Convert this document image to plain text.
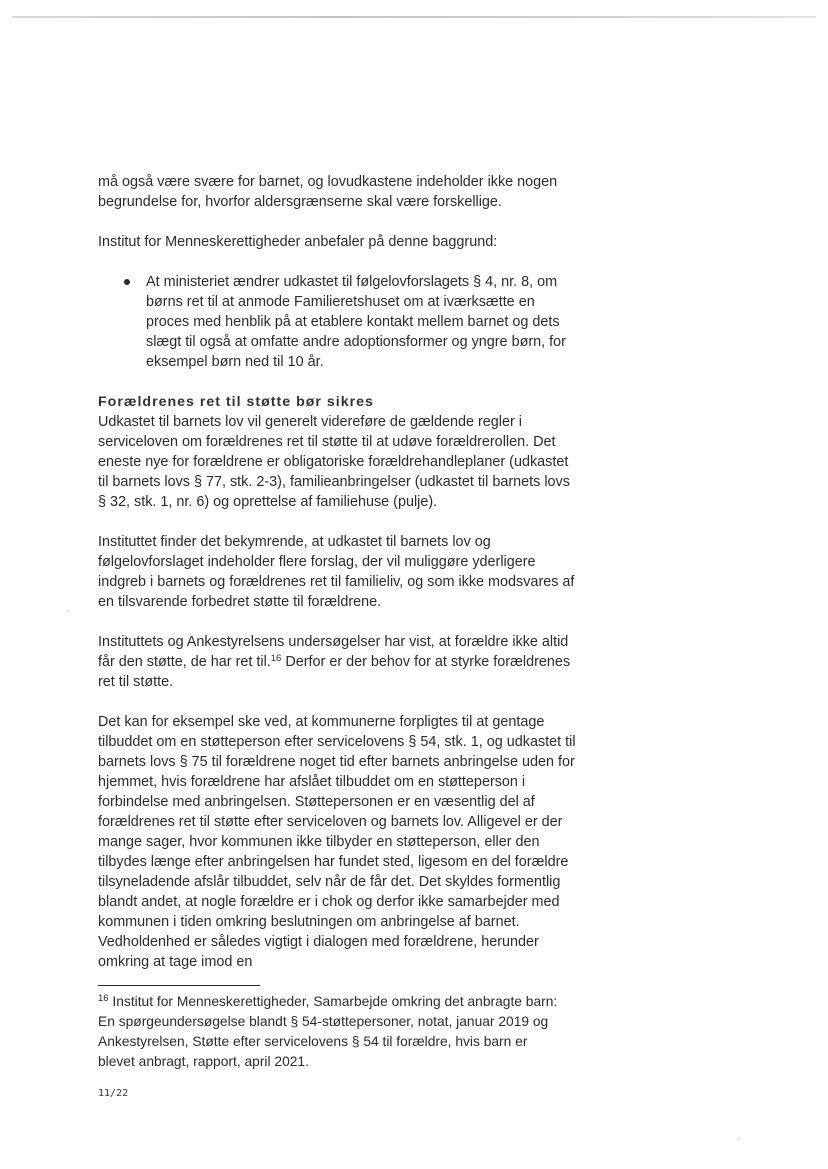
må også være svære for barnet, og lovudkastene indeholder ikke nogen begrundelse for, hvorfor aldersgrænserne skal være forskellige.

Institut for Menneskerettigheder anbefaler på denne baggrund:

At ministeriet ændrer udkastet til følgelovforslagets § 4, nr. 8, om børns ret til at anmode Familieretshuset om at iværksætte en proces med henblik på at etablere kontakt mellem barnet og dets slægt til også at omfatte andre adoptionsformer og yngre børn, for eksempel børn ned til 10 år.
Forældrenes ret til støtte bør sikres

Udkastet til barnets lov vil generelt videreføre de gældende regler i serviceloven om forældrenes ret til støtte til at udøve forældrerollen. Det eneste nye for forældrene er obligatoriske forældrehandleplaner (udkastet til barnets lovs § 77, stk. 2-3), familieanbringelser (udkastet til barnets lovs § 32, stk. 1, nr. 6) og oprettelse af familiehuse (pulje).

Instituttet finder det bekymrende, at udkastet til barnets lov og følgelovforslaget indeholder flere forslag, der vil muliggøre yderligere indgreb i barnets og forældrenes ret til familieliv, og som ikke modsvares af en tilsvarende forbedret støtte til forældrene.

Instituttets og Ankestyrelsens undersøgelser har vist, at forældre ikke altid får den støtte, de har ret til.$^{16}$ Derfor er der behov for at styrke forældrenes ret til støtte.

Det kan for eksempel ske ved, at kommunerne forpligtes til at gentage tilbuddet om en støtteperson efter servicelovens § 54, stk. 1, og udkastet til barnets lovs § 75 til forældrene noget tid efter barnets anbringelse uden for hjemmet, hvis forældrene har afslået tilbuddet om en støtteperson i forbindelse med anbringelsen. Støttepersonen er en væsentlig del af forældrenes ret til støtte efter serviceloven og barnets lov. Alligevel er der mange sager, hvor kommunen ikke tilbyder en støtteperson, eller den tilbydes længe efter anbringelsen har fundet sted, ligesom en del forældre tilsyneladende afslår tilbuddet, selv når de får det. Det skyldes formentlig blandt andet, at nogle forældre er i chok og derfor ikke samarbejder med kommunen i tiden omkring beslutningen om anbringelse af barnet. Vedholdenhed er således vigtigt i dialogen med forældrene, herunder omkring at tage imod en

$^{16}$ Institut for Menneskerettigheder, Samarbejde omkring det anbragte barn: En spørgeundersøgelse blandt § 54-støttepersoner, notat, januar 2019 og Ankestyrelsen, Støtte efter servicelovens § 54 til forældre, hvis barn er blevet anbragt, rapport, april 2021.

11/22
